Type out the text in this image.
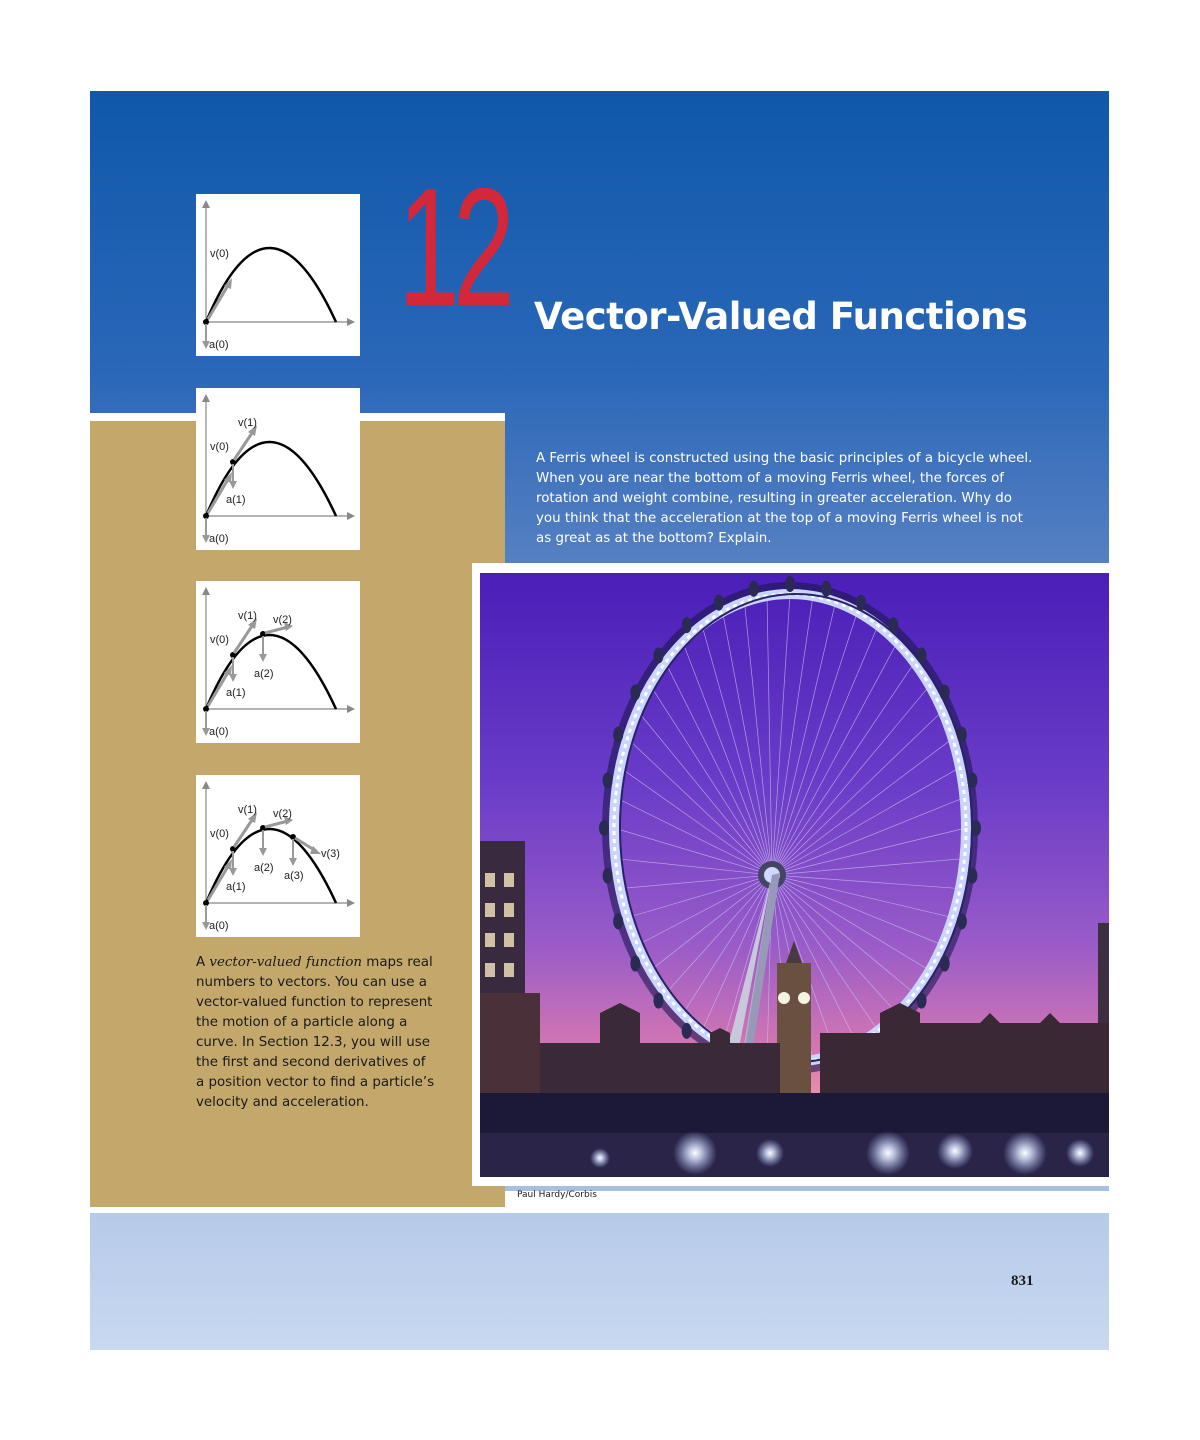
12 Vector-Valued Functions

A Ferris wheel is constructed using the basic principles of a bicycle wheel. When you are near the bottom of a moving Ferris wheel, the forces of rotation and weight combine, resulting in greater acceleration. Why do you think that the acceleration at the top of a moving Ferris wheel is not as great as at the bottom? Explain.

v(0)
a(0)
v(1)
v(0)
a(1)
a(0)
v(1) v(2)
v(0)
a(2)
a(1)
a(0)
v(1) v(2)
v(0)
v(3)
a(2)
a(3)
a(1)
a(0)

A vector-valued function maps real numbers to vectors. You can use a vector-valued function to represent the motion of a particle along a curve. In Section 12.3, you will use the first and second derivatives of a position vector to find a particle’s velocity and acceleration.

Paul Hardy/Corbis
831
